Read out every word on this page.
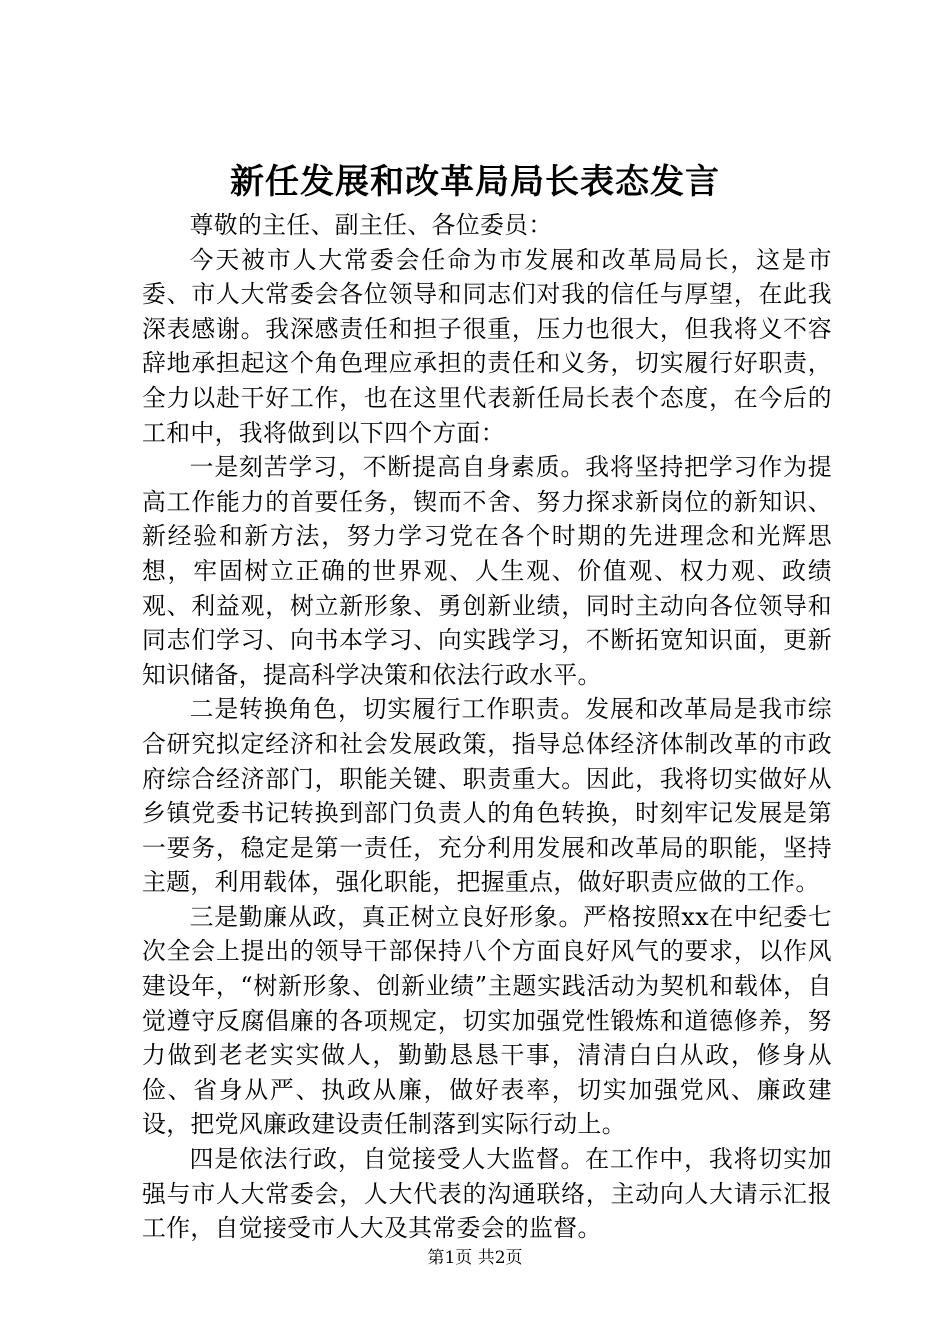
新任发展和改革局局长表态发言

尊敬的主任、副主任、各位委员：

今天被市人大常委会任命为市发展和改革局局长，这是市委、市人大常委会各位领导和同志们对我的信任与厚望，在此我深表感谢。我深感责任和担子很重，压力也很大，但我将义不容辞地承担起这个角色理应承担的责任和义务，切实履行好职责，全力以赴干好工作，也在这里代表新任局长表个态度，在今后的工和中，我将做到以下四个方面：

一是刻苦学习，不断提高自身素质。我将坚持把学习作为提高工作能力的首要任务，锲而不舍、努力探求新岗位的新知识、新经验和新方法，努力学习党在各个时期的先进理念和光辉思想，牢固树立正确的世界观、人生观、价值观、权力观、政绩观、利益观，树立新形象、勇创新业绩，同时主动向各位领导和同志们学习、向书本学习、向实践学习，不断拓宽知识面，更新知识储备，提高科学决策和依法行政水平。

二是转换角色，切实履行工作职责。发展和改革局是我市综合研究拟定经济和社会发展政策，指导总体经济体制改革的市政府综合经济部门，职能关键、职责重大。因此，我将切实做好从乡镇党委书记转换到部门负责人的角色转换，时刻牢记发展是第一要务，稳定是第一责任，充分利用发展和改革局的职能，坚持主题，利用载体，强化职能，把握重点，做好职责应做的工作。

三是勤廉从政，真正树立良好形象。严格按照xx在中纪委七次全会上提出的领导干部保持八个方面良好风气的要求，以作风建设年，“树新形象、创新业绩”主题实践活动为契机和载体，自觉遵守反腐倡廉的各项规定，切实加强党性锻炼和道德修养，努力做到老老实实做人，勤勤恳恳干事，清清白白从政，修身从俭、省身从严、执政从廉，做好表率，切实加强党风、廉政建设，把党风廉政建设责任制落到实际行动上。

四是依法行政，自觉接受人大监督。在工作中，我将切实加强与市人大常委会，人大代表的沟通联络，主动向人大请示汇报工作，自觉接受市人大及其常委会的监督。

第1页 共2页
